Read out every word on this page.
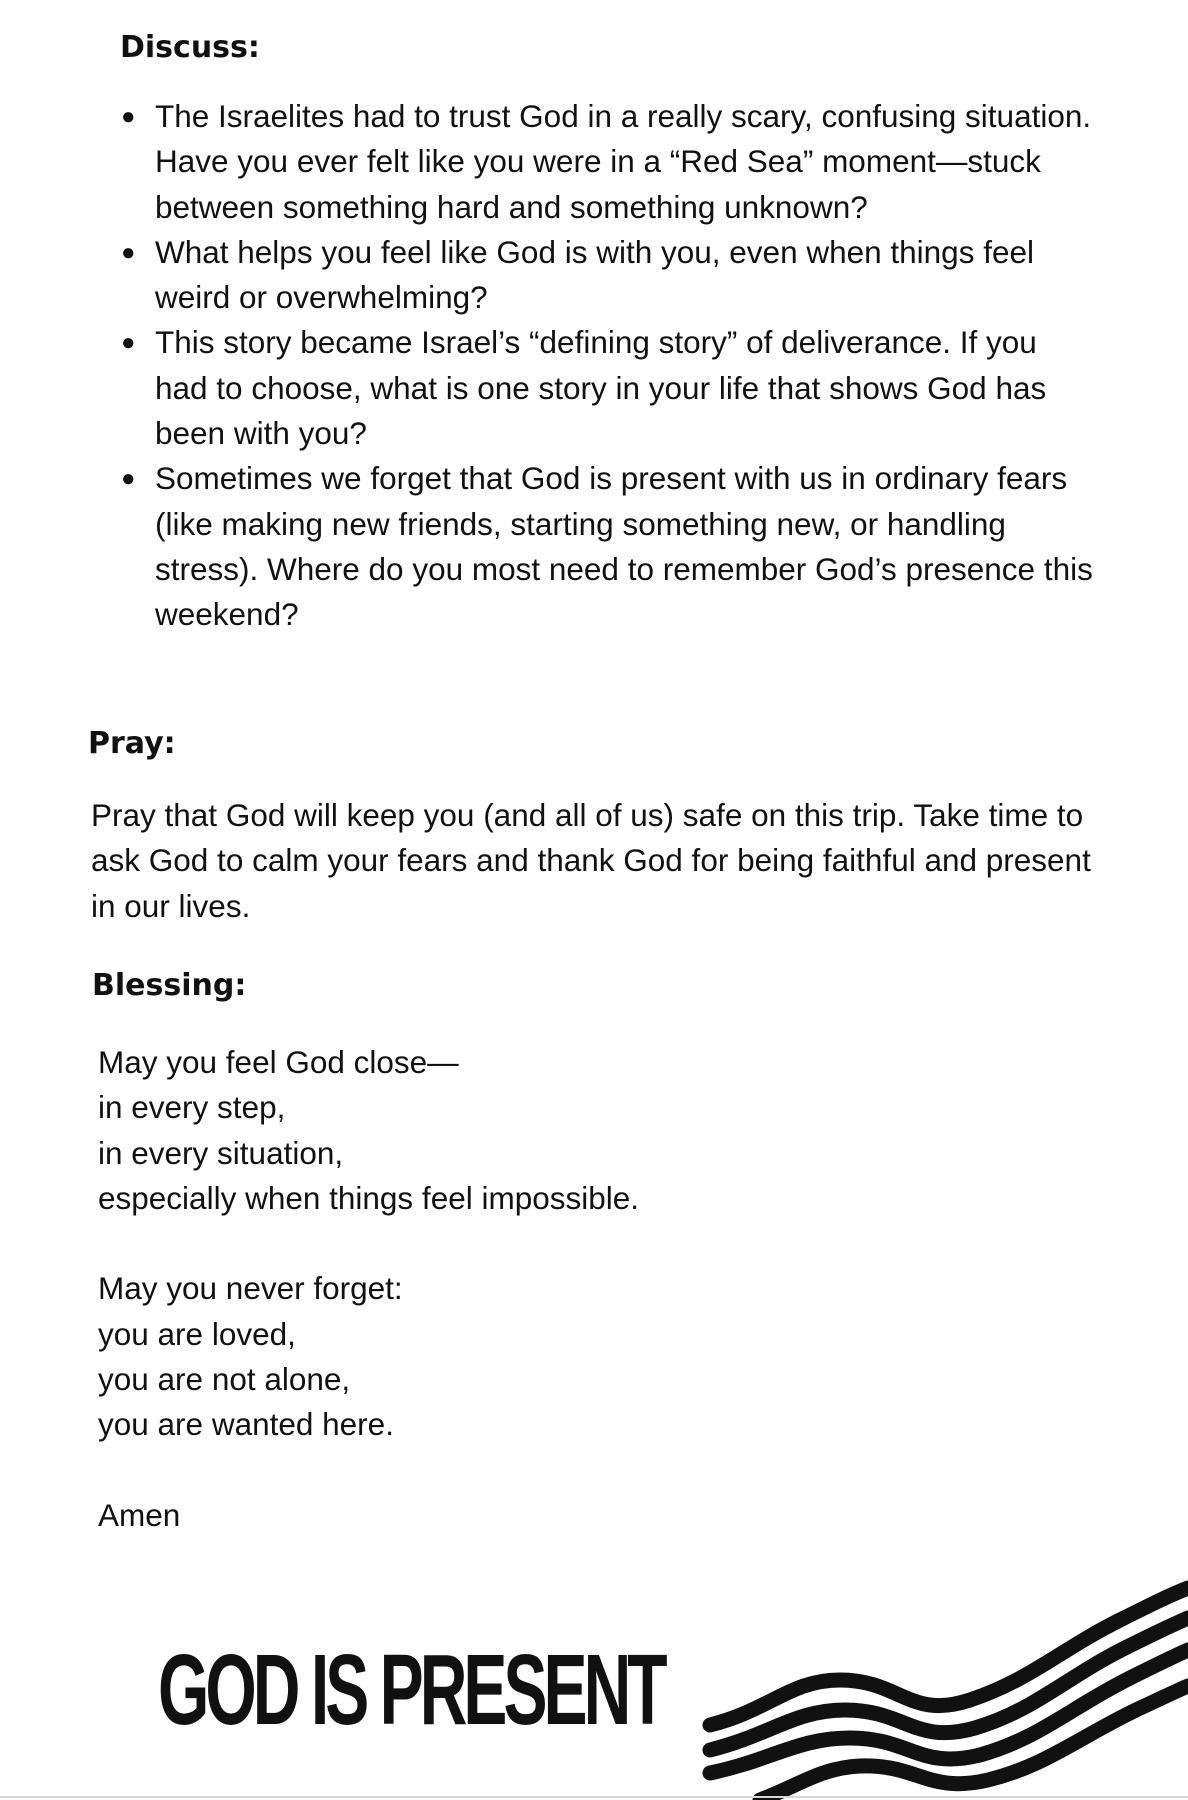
Discuss:
● The Israelites had to trust God in a really scary, confusing situation. Have you ever felt like you were in a “Red Sea” moment—stuck between something hard and something unknown?
● What helps you feel like God is with you, even when things feel weird or overwhelming?
● This story became Israel’s “defining story” of deliverance. If you had to choose, what is one story in your life that shows God has been with you?
● Sometimes we forget that God is present with us in ordinary fears (like making new friends, starting something new, or handling stress). Where do you most need to remember God’s presence this weekend?
Pray:

Pray that God will keep you (and all of us) safe on this trip. Take time to ask God to calm your fears and thank God for being faithful and present in our lives.

Blessing:
May you feel God close—
in every step,
in every situation,
especially when things feel impossible.
May you never forget:
you are loved,
you are not alone,
you are wanted here.
Amen
GOD IS PRESENT
